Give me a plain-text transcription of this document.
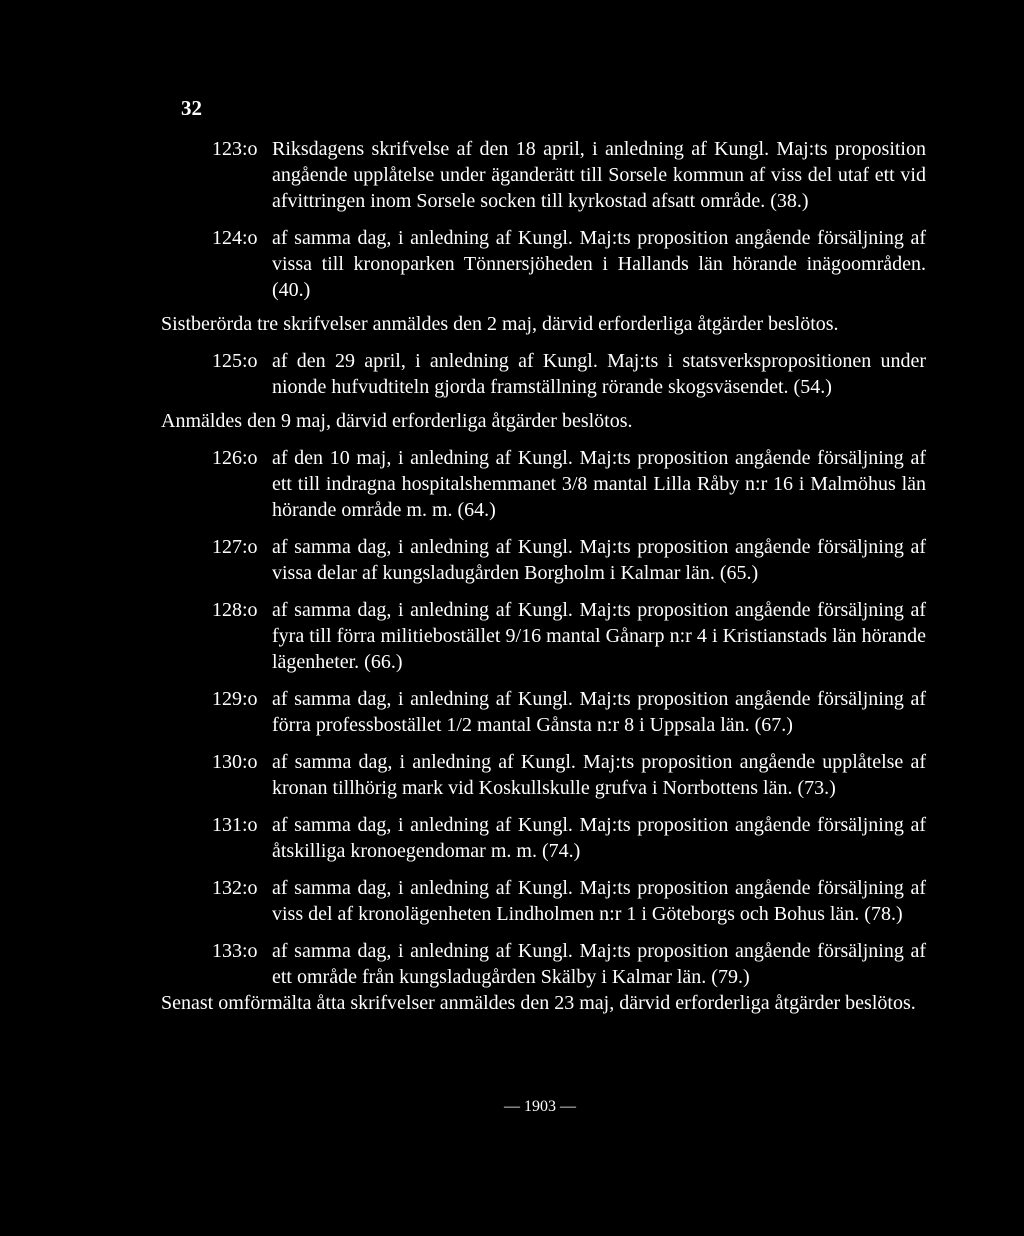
32
123:o Riksdagens skrifvelse af den 18 april, i anledning af Kungl. Maj:ts proposition angående upplåtelse under äganderätt till Sorsele kommun af viss del utaf ett vid afvittringen inom Sorsele socken till kyrkostad afsatt område. (38.)
124:o af samma dag, i anledning af Kungl. Maj:ts proposition angående försäljning af vissa till kronoparken Tönnersjöheden i Hallands län hörande inägoområden. (40.)
Sistberörda tre skrifvelser anmäldes den 2 maj, därvid erforderliga åtgärder beslötos.
125:o af den 29 april, i anledning af Kungl. Maj:ts i statsverkspropositionen under nionde hufvudtiteln gjorda framställning rörande skogsväsendet. (54.)
Anmäldes den 9 maj, därvid erforderliga åtgärder beslötos.
126:o af den 10 maj, i anledning af Kungl. Maj:ts proposition angående försäljning af ett till indragna hospitalshemmanet 3/8 mantal Lilla Råby n:r 16 i Malmöhus län hörande område m. m. (64.)
127:o af samma dag, i anledning af Kungl. Maj:ts proposition angående försäljning af vissa delar af kungsladugården Borgholm i Kalmar län. (65.)
128:o af samma dag, i anledning af Kungl. Maj:ts proposition angående försäljning af fyra till förra militiebostället 9/16 mantal Gånarp n:r 4 i Kristianstads län hörande lägenheter. (66.)
129:o af samma dag, i anledning af Kungl. Maj:ts proposition angående försäljning af förra professbostället 1/2 mantal Gånsta n:r 8 i Uppsala län. (67.)
130:o af samma dag, i anledning af Kungl. Maj:ts proposition angående upplåtelse af kronan tillhörig mark vid Koskullskulle grufva i Norrbottens län. (73.)
131:o af samma dag, i anledning af Kungl. Maj:ts proposition angående försäljning af åtskilliga kronoegendomar m. m. (74.)
132:o af samma dag, i anledning af Kungl. Maj:ts proposition angående försäljning af viss del af kronolägenheten Lindholmen n:r 1 i Göteborgs och Bohus län. (78.)
133:o af samma dag, i anledning af Kungl. Maj:ts proposition angående försäljning af ett område från kungsladugården Skälby i Kalmar län. (79.)
Senast omförmälta åtta skrifvelser anmäldes den 23 maj, därvid erforderliga åtgärder beslötos.
— 1903 —
